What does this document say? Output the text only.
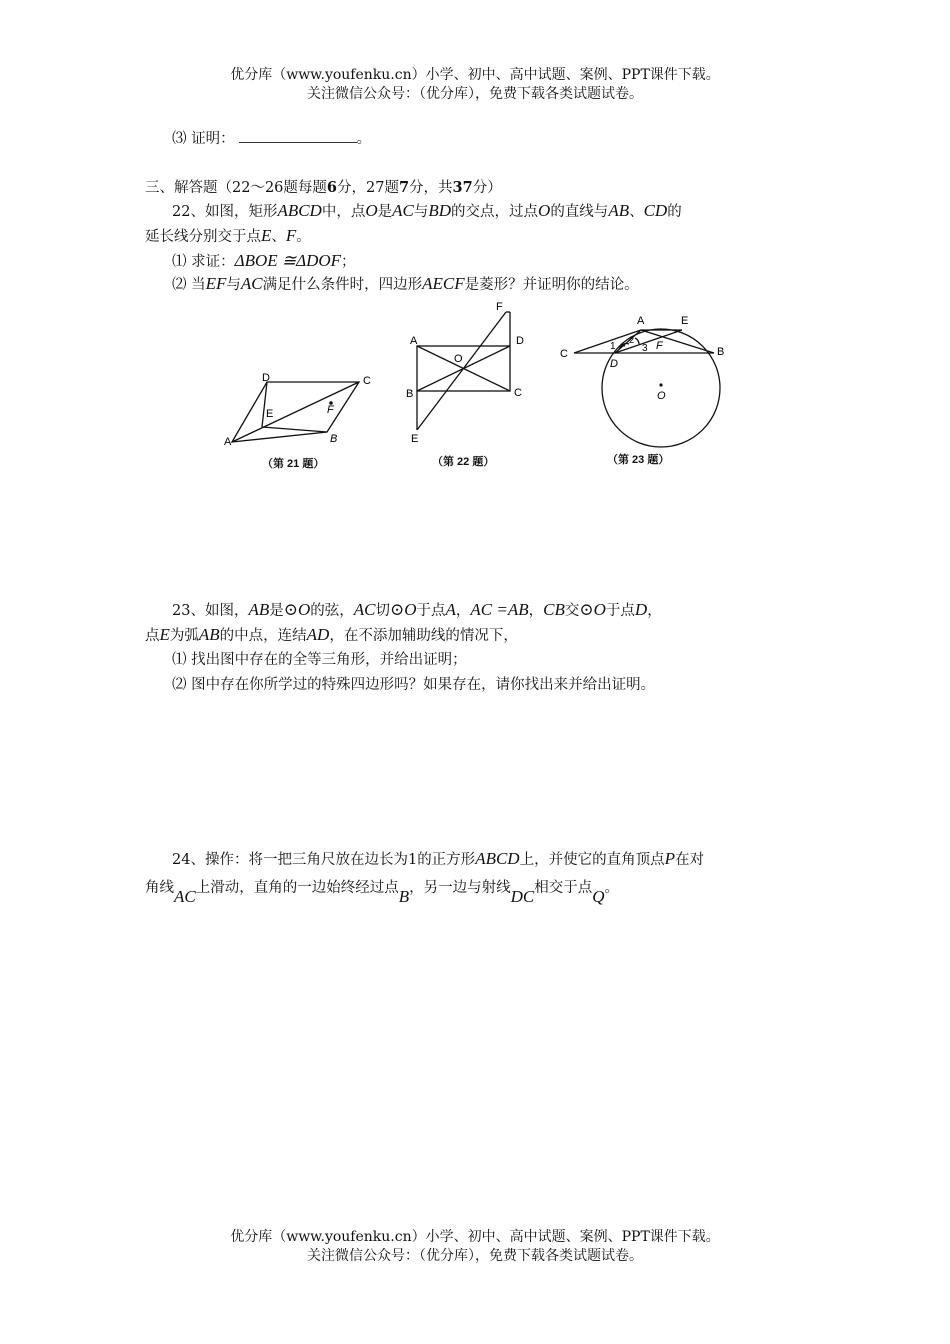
优分库（www.youfenku.cn）小学、初中、高中试题、案例、PPT课件下载。
关注微信公众号：（优分库），免费下载各类试题试卷。
⑶ 证明：	。
三、解答题（22～26题每题6分，27题7分，共37分）
22、如图，矩形ABCD中，点O是AC与BD的交点，过点O的直线与AB、CD的
延长线分别交于点E、F。
⑴ 求证：ΔBOE ≅ΔDOF；
⑵ 当EF与AC满足什么条件时，四边形AECF是菱形？并证明你的结论。
D	C
E	F
A	B
（第 21 题）
F
A	D
O
B	C
E
（第 22 题）
A	E
C
1
2
3 F
D
B
O
（第 23 题）
23、如图，AB是⊙O的弦，AC切⊙O于点A，AC =AB，CB交⊙O于点D，
点E为弧AB的中点，连结AD，在不添加辅助线的情况下，
⑴ 找出图中存在的全等三角形，并给出证明；
⑵ 图中存在你所学过的特殊四边形吗？如果存在，请你找出来并给出证明。
24、操作：将一把三角尺放在边长为1的正方形ABCD上，并使它的直角顶点P在对
角线AC上滑动，直角的一边始终经过点B，另一边与射线DC相交于点Q。
优分库（www.youfenku.cn）小学、初中、高中试题、案例、PPT课件下载。
关注微信公众号：（优分库），免费下载各类试题试卷。
